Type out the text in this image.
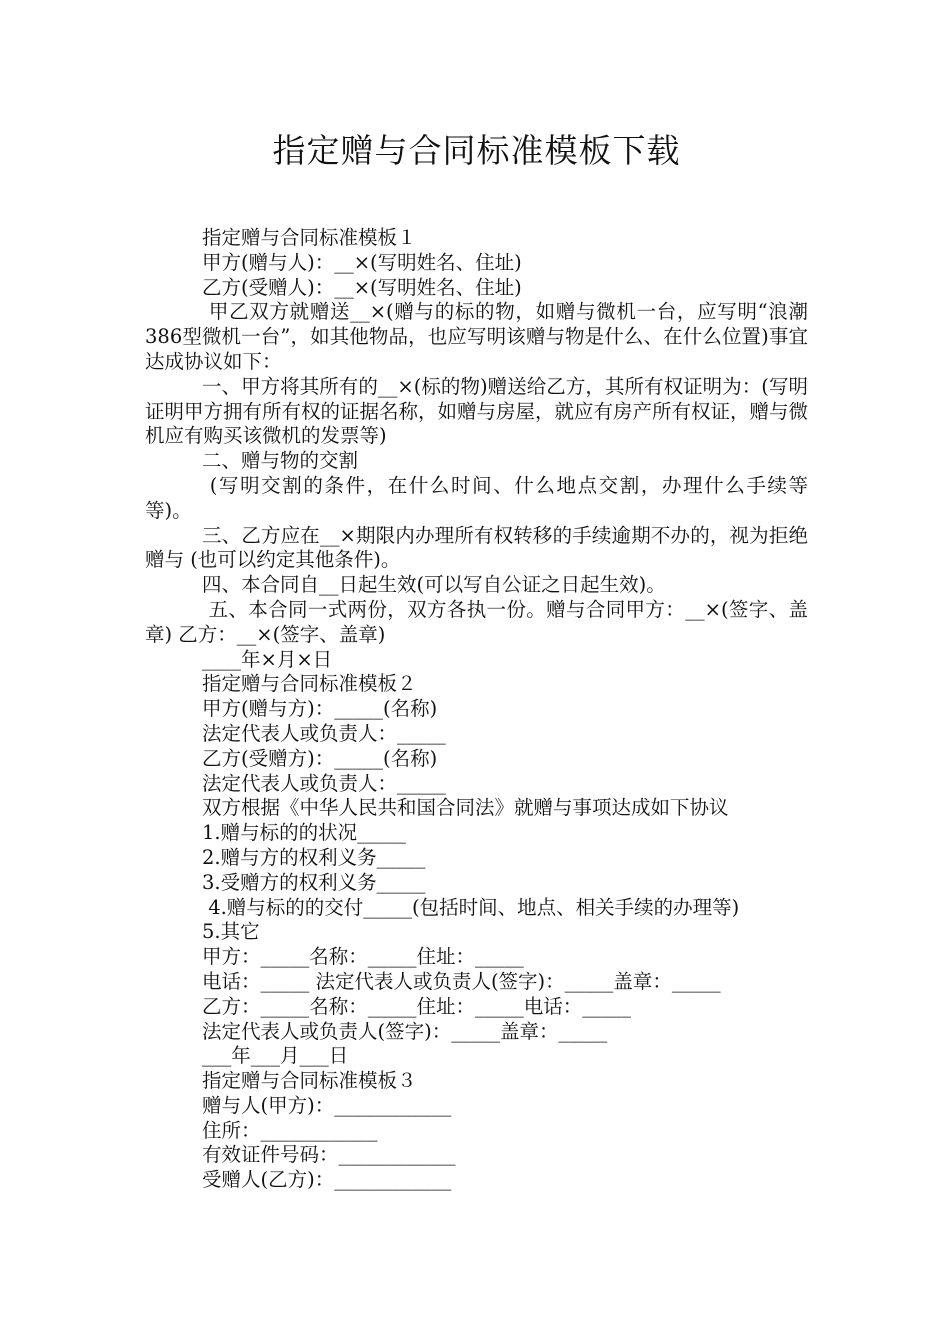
指定赠与合同标准模板下载

指定赠与合同标准模板１

甲方(赠与人)：__×(写明姓名、住址)

乙方(受赠人)：__×(写明姓名、住址)

甲乙双方就赠送__×(赠与的标的物，如赠与微机一台，应写明“浪潮386型微机一台”，如其他物品，也应写明该赠与物是什么、在什么位置)事宜达成协议如下：

一、甲方将其所有的__×(标的物)赠送给乙方，其所有权证明为：(写明证明甲方拥有所有权的证据名称，如赠与房屋，就应有房产所有权证，赠与微机应有购买该微机的发票等)

二、赠与物的交割

(写明交割的条件，在什么时间、什么地点交割，办理什么手续等等)。

三、乙方应在__×期限内办理所有权转移的手续逾期不办的，视为拒绝赠与 (也可以约定其他条件)。

四、本合同自__日起生效(可以写自公证之日起生效)。

五、本合同一式两份，双方各执一份。赠与合同甲方：__×(签字、盖章) 乙方：__×(签字、盖章)

____年×月×日

指定赠与合同标准模板２

甲方(赠与方)：_____(名称)

法定代表人或负责人：_____

乙方(受赠方)：_____(名称)

法定代表人或负责人：_____

双方根据《中华人民共和国合同法》就赠与事项达成如下协议

1.赠与标的的状况_____

2.赠与方的权利义务_____

3.受赠方的权利义务_____

4.赠与标的的交付_____(包括时间、地点、相关手续的办理等)

5.其它

甲方：_____名称：_____住址：_____

电话：_____ 法定代表人或负责人(签字)：_____盖章：_____

乙方：_____名称：_____住址：_____电话：_____

法定代表人或负责人(签字)：_____盖章：_____

___年___月___日

指定赠与合同标准模板３

赠与人(甲方)：____________

住所：____________

有效证件号码：____________

受赠人(乙方)：____________
